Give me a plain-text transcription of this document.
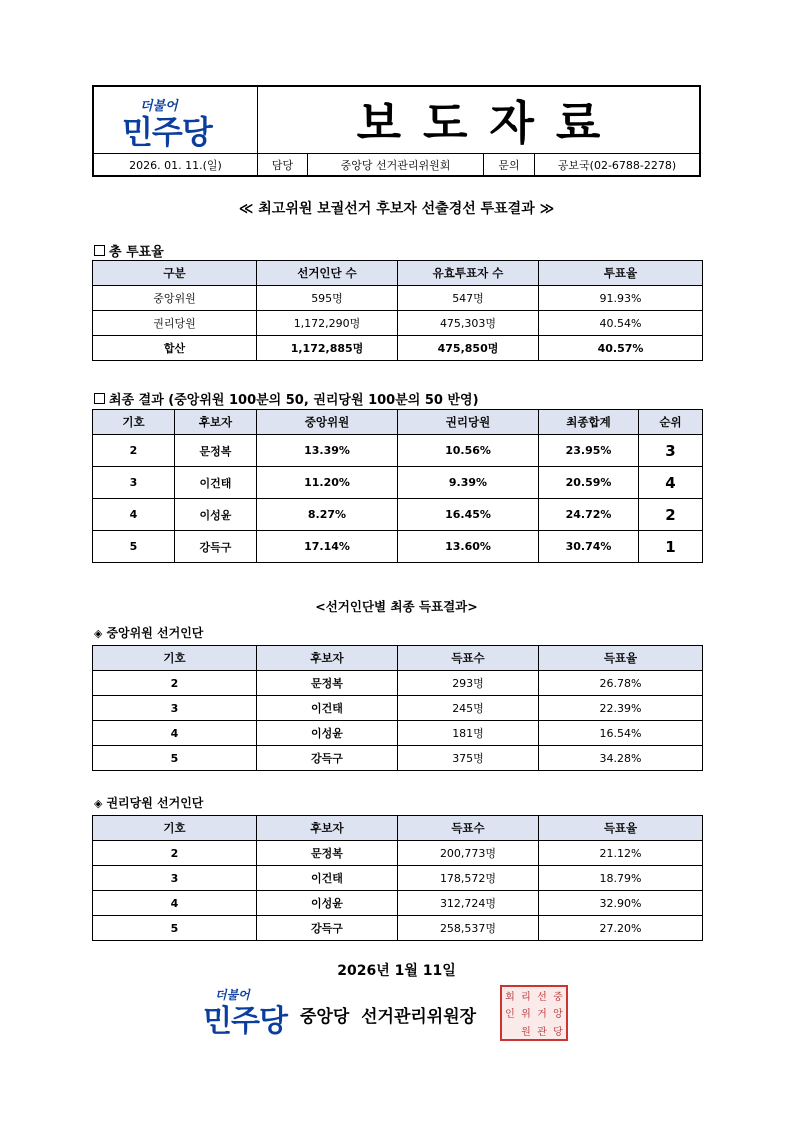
더불어
민주당	보도자료
2026. 01. 11.(일)	담당	중앙당 선거관리위원회	문의	공보국(02-6788-2278)
≪ 최고위원 보궐선거 후보자 선출경선 투표결과 ≫
총 투표율
구분	선거인단 수	유효투표자 수	투표율
중앙위원	595명	547명	91.93%
권리당원	1,172,290명	475,303명	40.54%
합산	1,172,885명	475,850명	40.57%
최종 결과 (중앙위원 100분의 50, 권리당원 100분의 50 반영)
기호	후보자	중앙위원	권리당원	최종합계	순위
2	문정복	13.39%	10.56%	23.95%	3
3	이건태	11.20%	9.39%	20.59%	4
4	이성윤	8.27%	16.45%	24.72%	2
5	강득구	17.14%	13.60%	30.74%	1
<선거인단별 최종 득표결과>
◈ 중앙위원 선거인단
기호	후보자	득표수	득표율
2	문정복	293명	26.78%
3	이건태	245명	22.39%
4	이성윤	181명	16.54%
5	강득구	375명	34.28%
◈ 권리당원 선거인단
기호	후보자	득표수	득표율
2	문정복	200,773명	21.12%
3	이건태	178,572명	18.79%
4	이성윤	312,724명	32.90%
5	강득구	258,537명	27.20%
2026년 1월 11일
더불어
민주당 중앙당  선거관리위원장
회 리 선 중
인 위 거 앙
원 관 당
